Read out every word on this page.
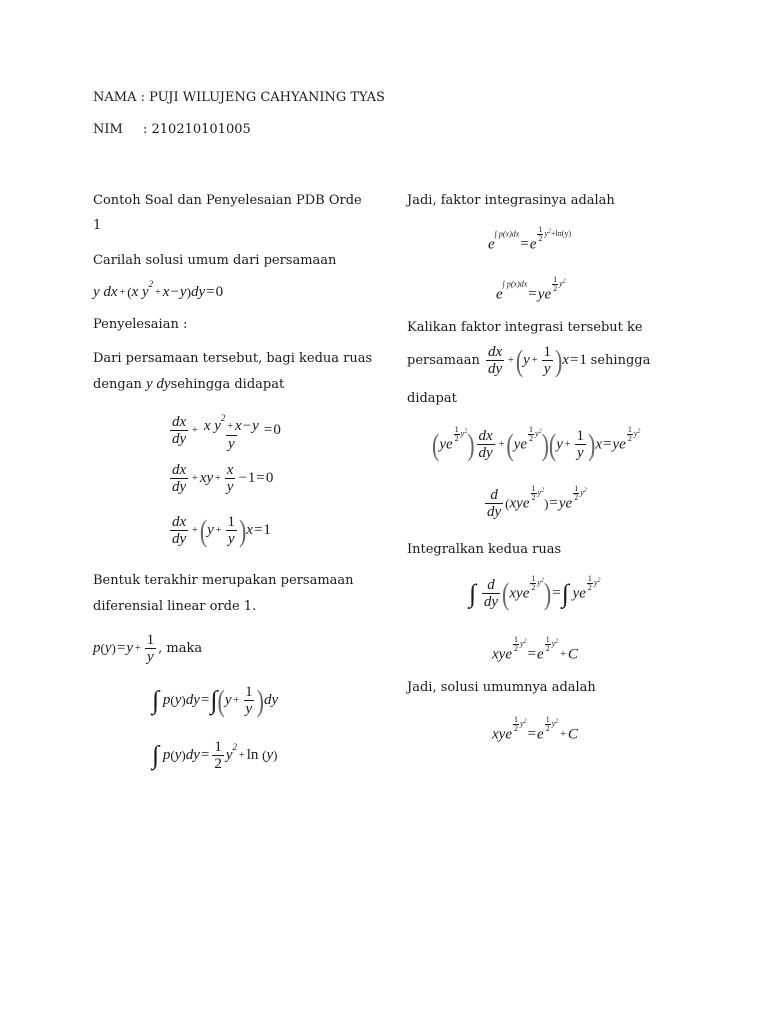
NAMA : PUJI WILUJENG CAHYANING TYAS
NIM : 210210101005
Contoh Soal dan Penyelesaian PDB Orde
1
Carilah solusi umum dari persamaan
y dx + (x $y^2+ x-y)dy=0$
Penyelesaian :
Dari persamaan tersebut, bagi kedua ruas
dengan y dysehingga didapat
$\frac{dx}{dy} + \frac{x y^2+ x-y}{y} =0$
$\frac{dx}{dy}$ + xy + $\frac{x}{y} -1=0$
$\frac{dx}{dy} +(y + \frac{1}{y} )x=1$
Bentuk terakhir merupakan persamaan
diferensial linear orde 1.
$p(y)=y + \frac{1}{y}$ , maka
∫ $p(y)dy=\int(y + \frac{1}{y} )dy$
∫ $p(y)dy= \frac{1}{2} y^2+ \ln (y)$
Jadi, faktor integrasinya adalah
$e^{\int p(x)dx}=e$
$^{\frac{1}{2} y^2+ln(y)}$
$e^{\int p(x)dx}=ye$
$^{\frac{1}{2} y^2}$
Kalikan faktor integrasi tersebut ke
persamaan $\frac{dx}{dy} +(y + \frac{1}{y} )x=1$ sehingga
didapat
(ye
$^{\frac{1}{2} y^2}) \frac{dx}{dy} +(ye$
$^{\frac{1}{2} y^2})(y + \frac{1}{y} )x=ye$
$^{\frac{1}{2} y^2}$
$\frac{d}{dy} (xye$
$^{\frac{1}{2} y^2}$)=ye
$^{\frac{1}{2} y^2}$
Integralkan kedua ruas
∫ $\frac{d}{dy} (xye$
$^{\frac{1}{2} y^2}$)=∫ ye
$^{\frac{1}{2} y^2}$
xye
$^{\frac{1}{2} y^2}$=e
$^{\frac{1}{2} y^2}$+ C
Jadi, solusi umumnya adalah
xye
$^{\frac{1}{2} y^2}$=e
$^{\frac{1}{2} y^2}$+ C
